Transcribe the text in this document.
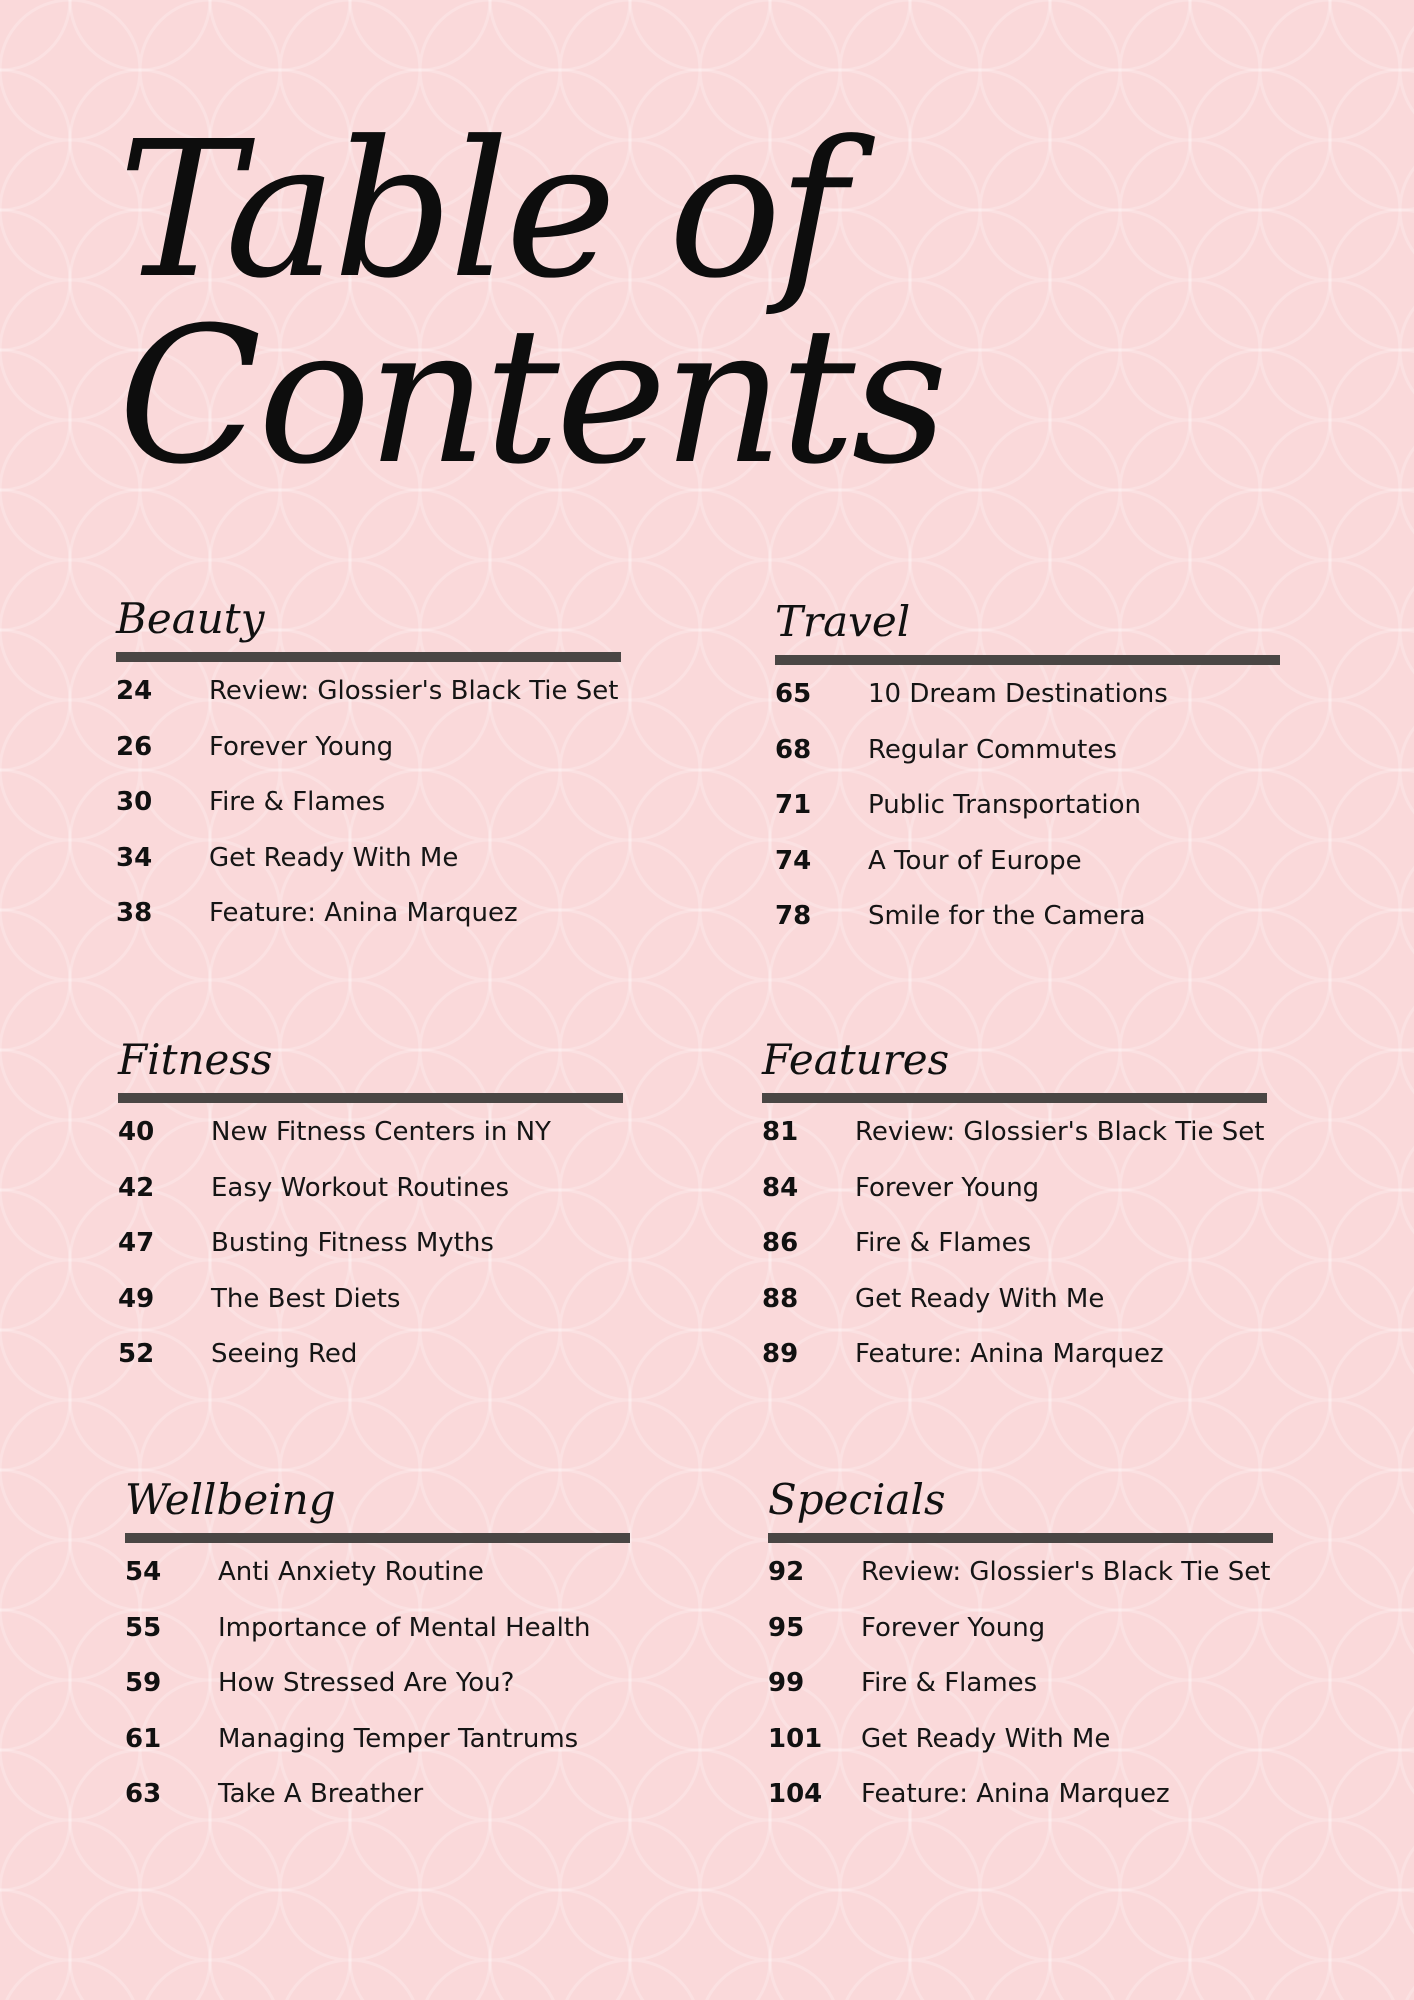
Table of
Contents
Beauty
24	Review: Glossier's Black Tie Set
26	Forever Young
30	Fire & Flames
34	Get Ready With Me
38	Feature: Anina Marquez
Travel
65	10 Dream Destinations
68	Regular Commutes
71	Public Transportation
74	A Tour of Europe
78	Smile for the Camera
Fitness
40	New Fitness Centers in NY
42	Easy Workout Routines
47	Busting Fitness Myths
49	The Best Diets
52	Seeing Red
Features
81	Review: Glossier's Black Tie Set
84	Forever Young
86	Fire & Flames
88	Get Ready With Me
89	Feature: Anina Marquez
Wellbeing
54	Anti Anxiety Routine
55	Importance of Mental Health
59	How Stressed Are You?
61	Managing Temper Tantrums
63	Take A Breather
Specials
92	Review: Glossier's Black Tie Set
95	Forever Young
99	Fire & Flames
101	Get Ready With Me
104	Feature: Anina Marquez
